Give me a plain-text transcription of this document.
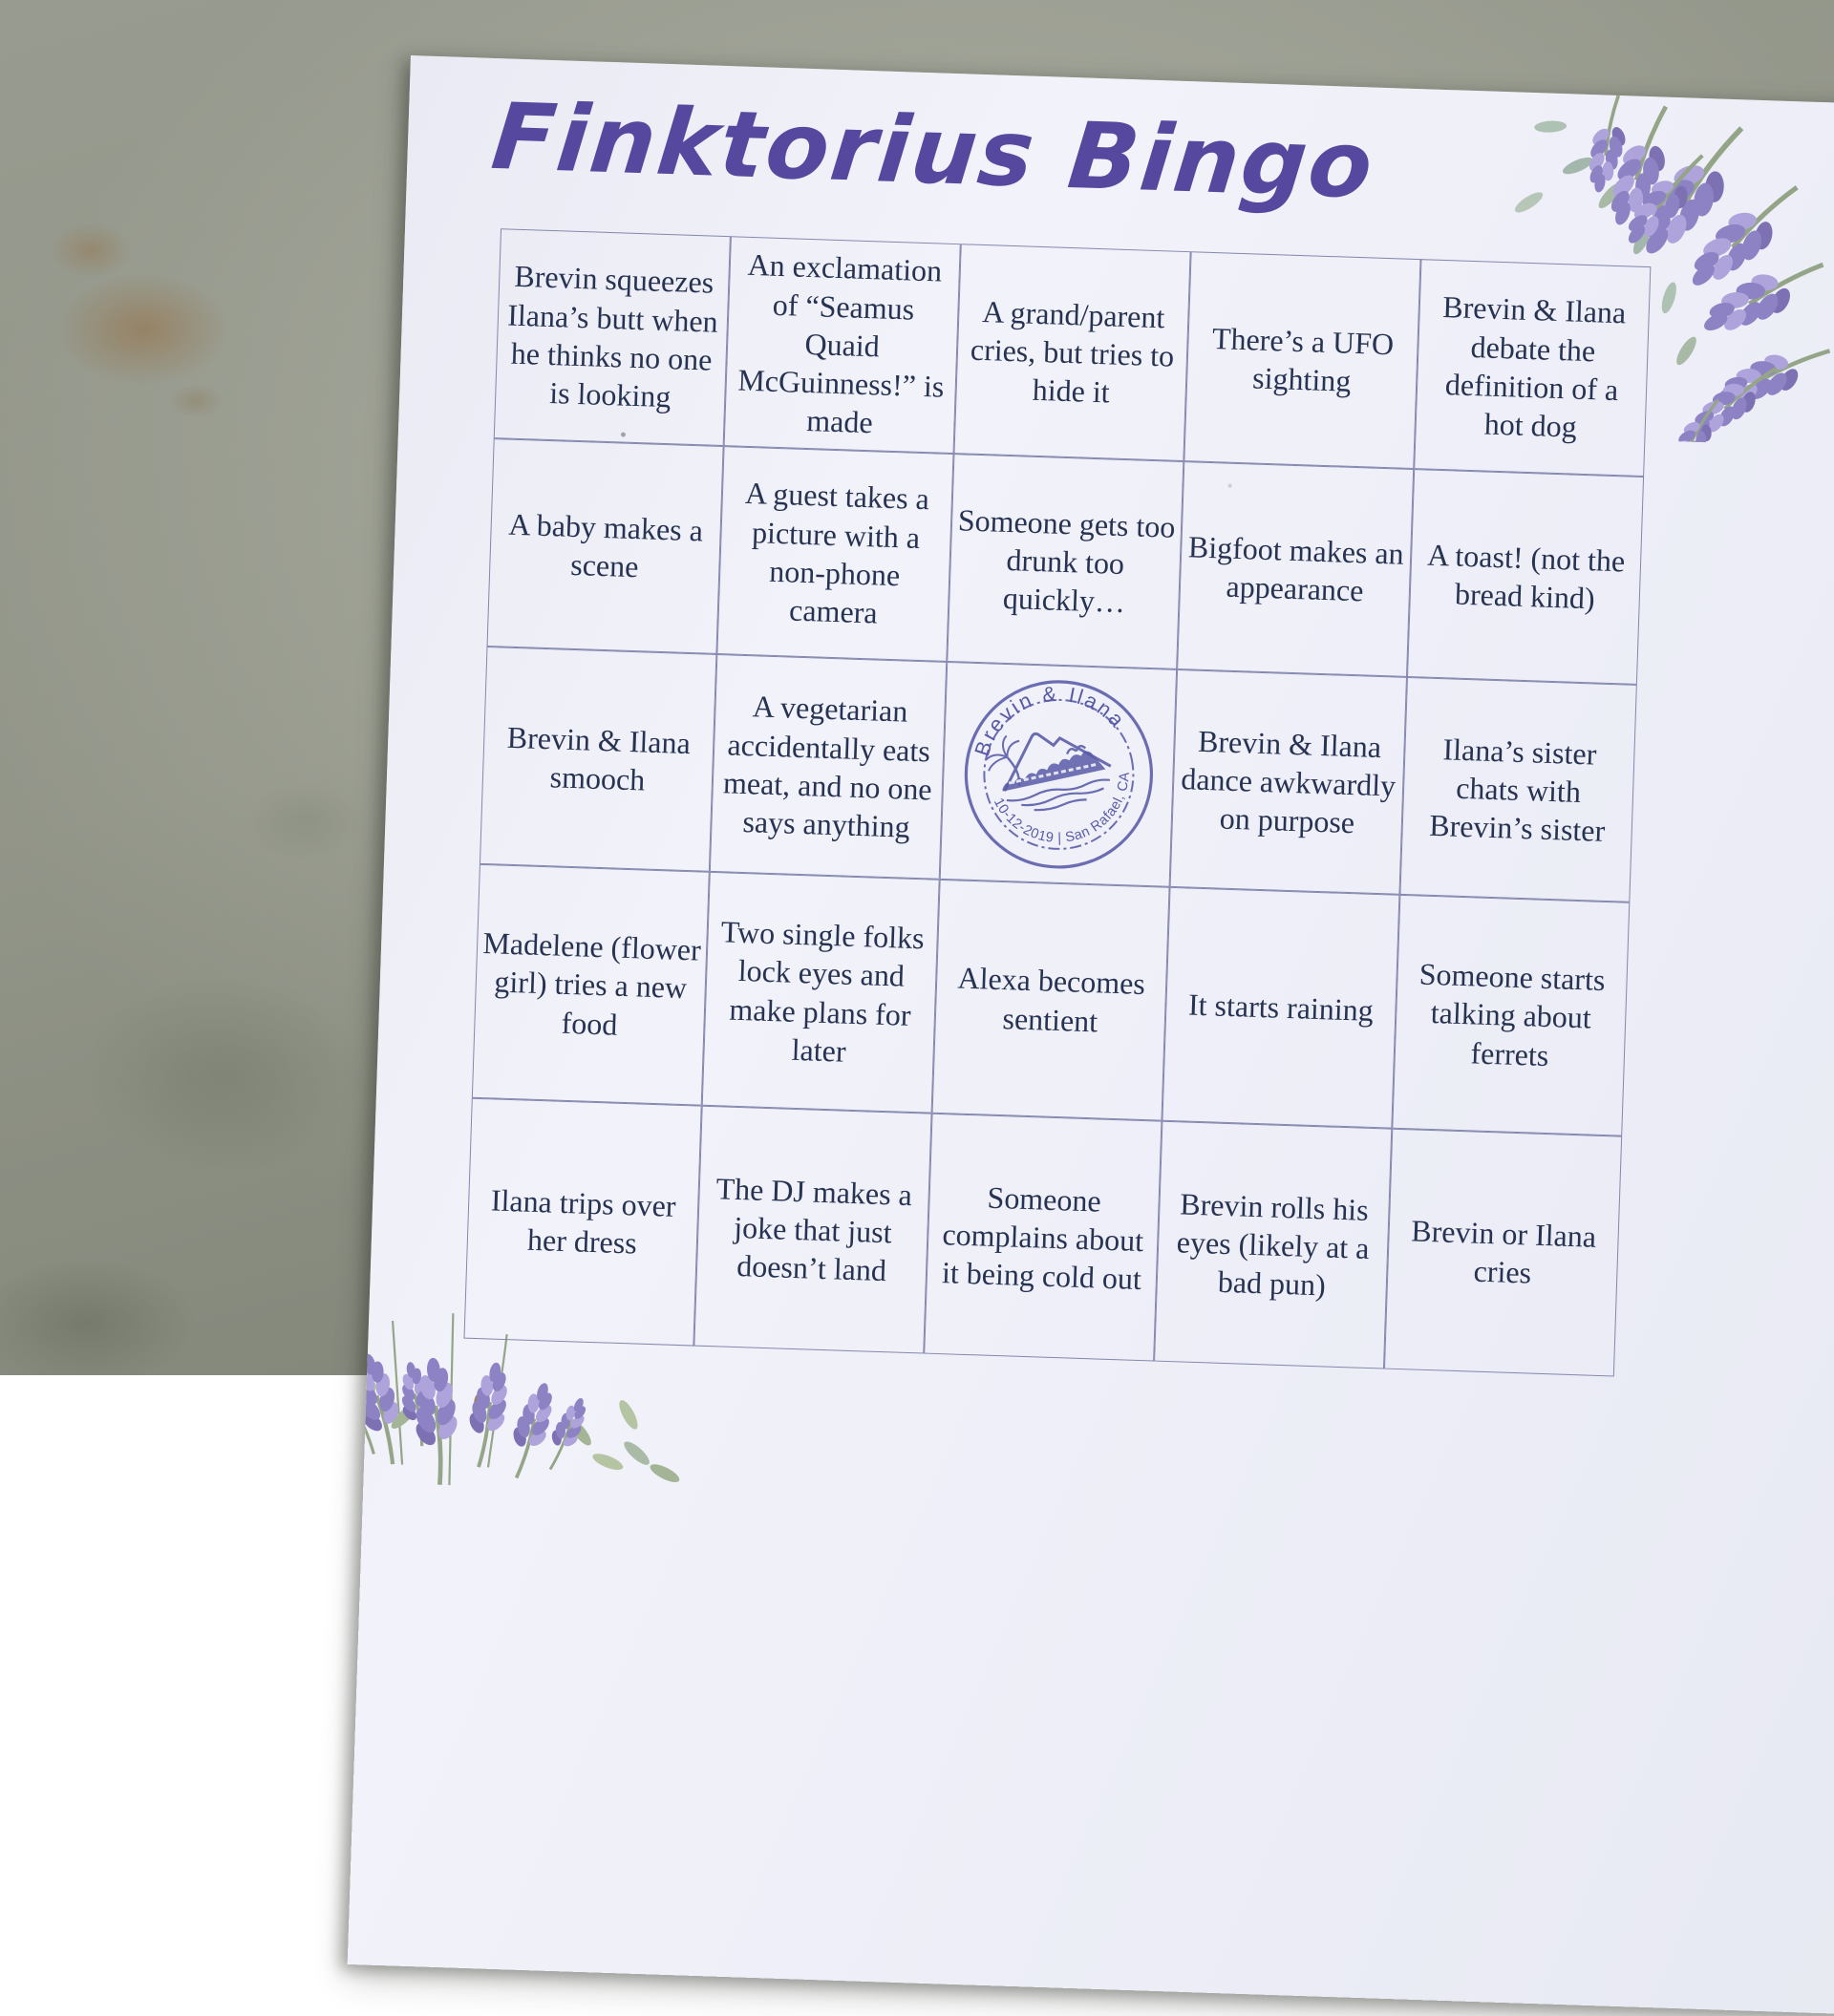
Finktorius Bingo
Brevin squeezes Ilana’s butt when he thinks no one is looking
An exclamation of “Seamus Quaid McGuinness!” is made
A grand/parent cries, but tries to hide it
There’s a UFO sighting
Brevin & Ilana debate the definition of a hot dog
A baby makes a scene
A guest takes a picture with a non-phone camera
Someone gets too drunk too quickly…
Bigfoot makes an appearance
A toast! (not the bread kind)
Brevin & Ilana smooch
A vegetarian accidentally eats meat, and no one says anything
Brevin & Ilana
10-12-2019 | San Rafael, CA
Brevin & Ilana dance awkwardly on purpose
Ilana’s sister chats with Brevin’s sister
Madelene (flower girl) tries a new food
Two single folks lock eyes and make plans for later
Alexa becomes sentient	It starts raining
Someone starts talking about ferrets
Ilana trips over her dress
The DJ makes a joke that just doesn’t land
Someone complains about it being cold out
Brevin rolls his eyes (likely at a bad pun)
Brevin or Ilana cries
